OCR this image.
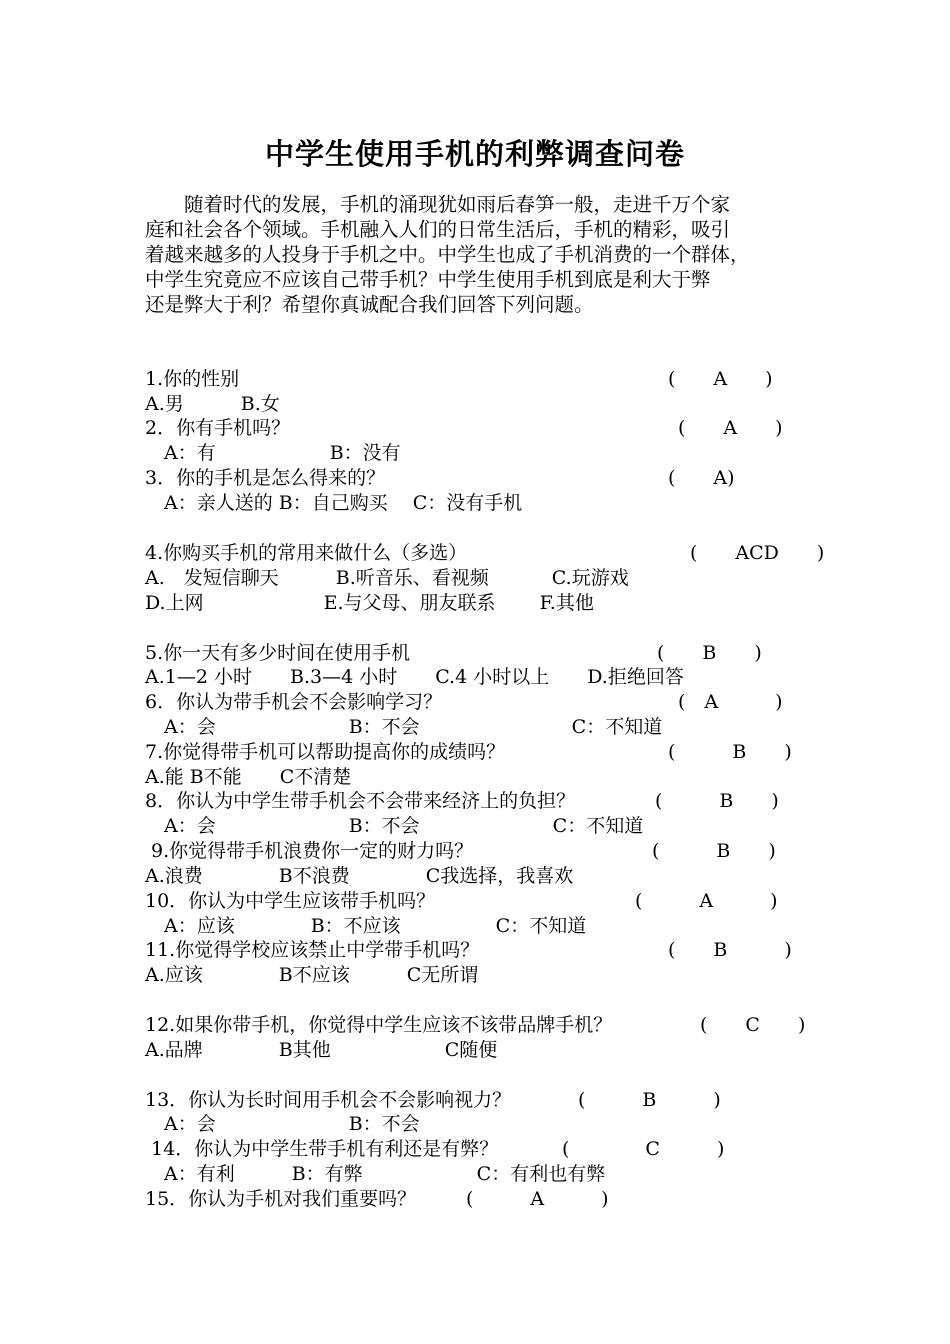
中学生使用手机的利弊调查问卷
　　随着时代的发展，手机的涌现犹如雨后春笋一般，走进千万个家
庭和社会各个领域。手机融入人们的日常生活后，手机的精彩，吸引
着越来越多的人投身于手机之中。中学生也成了手机消费的一个群体，
中学生究竟应不应该自己带手机？中学生使用手机到底是利大于弊
还是弊大于利？希望你真诚配合我们回答下列问题。
1.你的性别	(　　A　　)
A.男　　　B.女
2．你有手机吗？	(　　A　　)
　A：有　　　　　　B：没有
3．你的手机是怎么得来的？	(　　A)
　A：亲人送的 B：自己购买　 C：没有手机
4.你购买手机的常用来做什么（多选）	(　　ACD　　)
A.　发短信聊天　　　B.听音乐、看视频　　　 C.玩游戏
D.上网　　　　　　 E.与父母、朋友联系　　 F.其他
5.你一天有多少时间在使用手机	(　　B　　)
A.1—2 小时　　B.3—4 小时　　C.4 小时以上　　D.拒绝回答
6．你认为带手机会不会影响学习？	(　A　　　)
　A：会　　　　　　　B：不会　　　　　　　　C：不知道
7.你觉得带手机可以帮助提高你的成绩吗？	(　　　B　　)
A.能 B不能　　C不清楚
8．你认为中学生带手机会不会带来经济上的负担？	(　　　B　　)
　A：会　　　　　　　B：不会　　　　　　　C：不知道
9.你觉得带手机浪费你一定的财力吗？	(　　　B　　)
A.浪费　　　　B不浪费　　　　C我选择，我喜欢
10．你认为中学生应该带手机吗？	(　　　A　　　)
　A：应该　　　　B：不应该　　　　　C：不知道
11.你觉得学校应该禁止中学带手机吗？	(　　B　　　)
A.应该　　　　B不应该　　　C无所谓
12.如果你带手机，你觉得中学生应该不该带品牌手机？	(　　C　　)
A.品牌　　　　B其他　　　　　　C随便
13．你认为长时间用手机会不会影响视力？	(　　　B　　　)
　A：会　　　　　　　B：不会
14．你认为中学生带手机有利还是有弊？	(　　　　C　　　)
　A：有利　　　B：有弊　　　　　　C：有利也有弊
15．你认为手机对我们重要吗？	(　　　A　　　)
